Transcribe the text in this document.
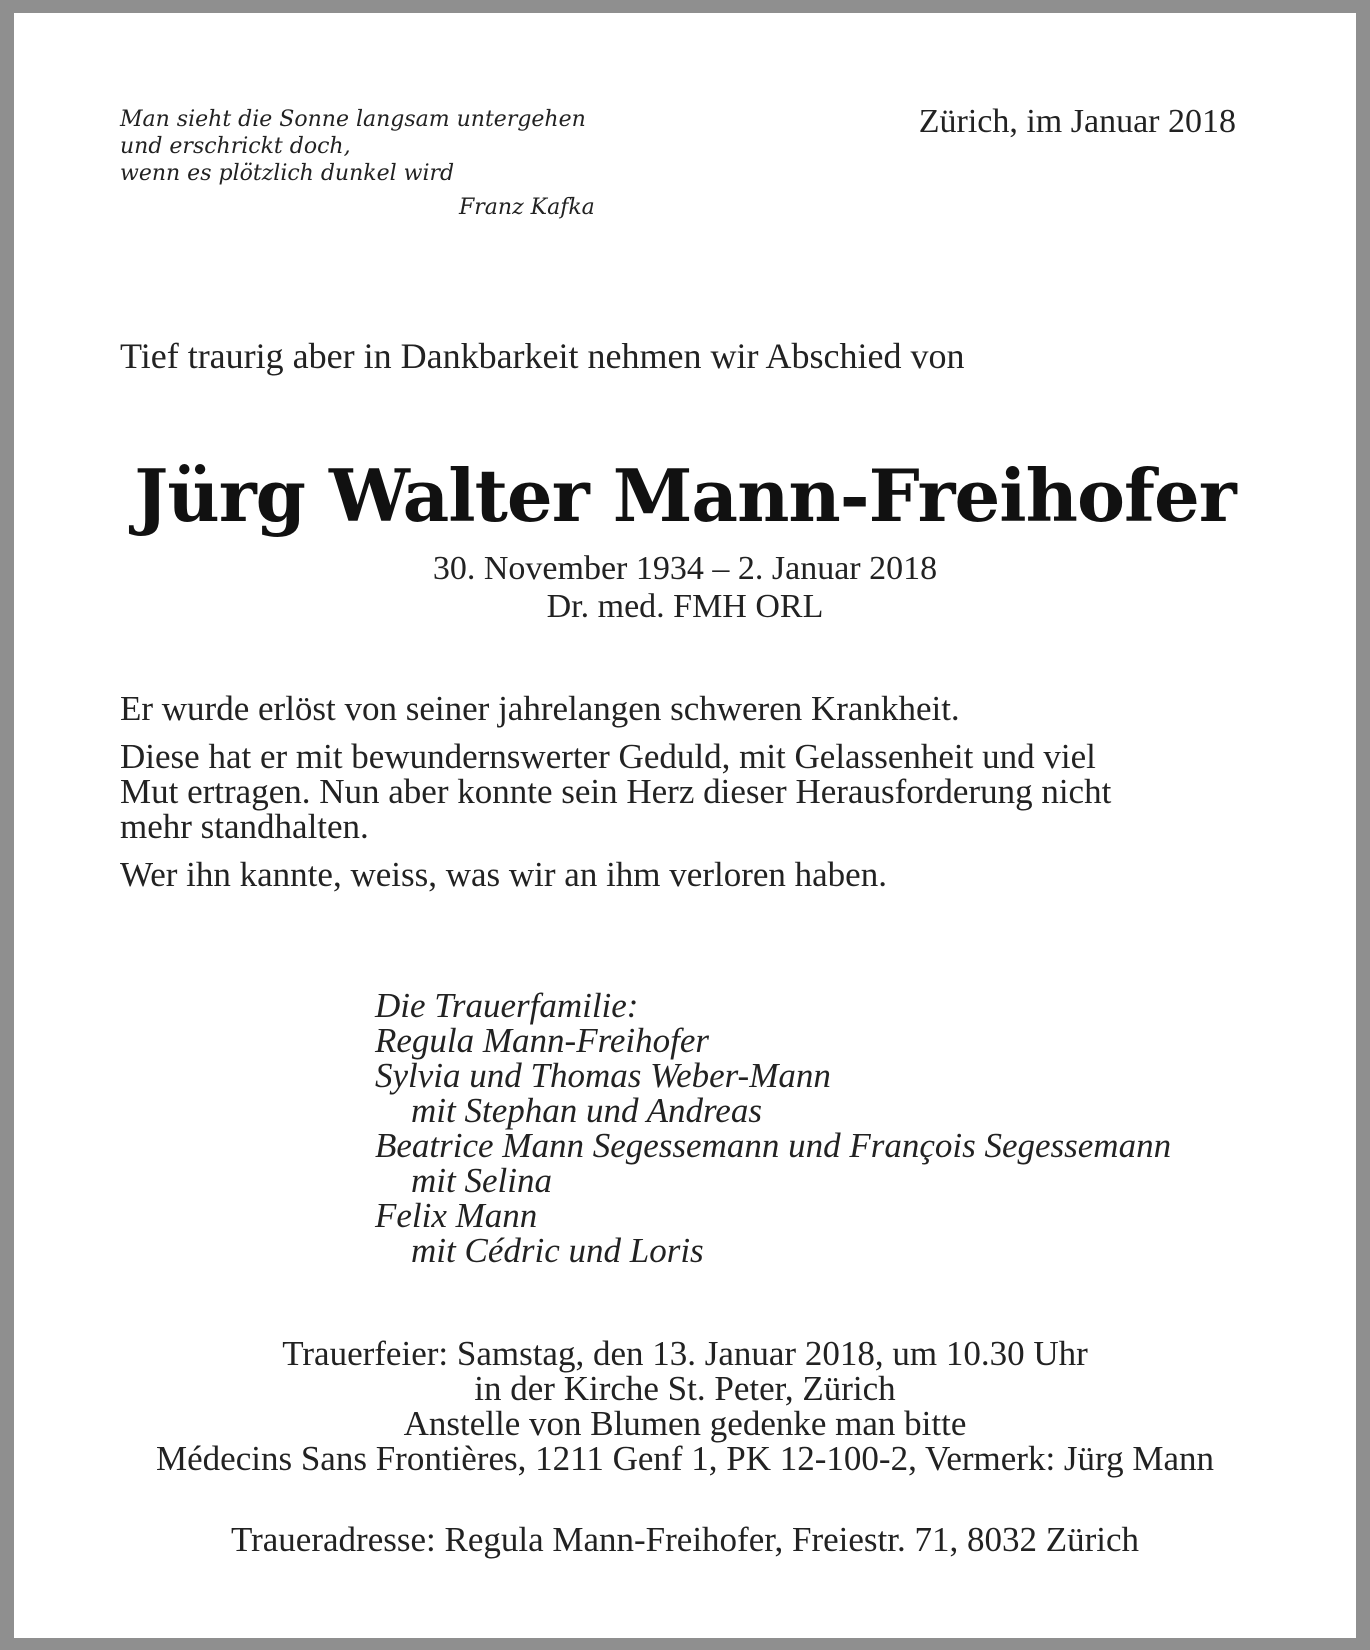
Man sieht die Sonne langsam untergehen
und erschrickt doch,
wenn es plötzlich dunkel wird
Franz Kafka
Zürich, im Januar 2018
Tief traurig aber in Dankbarkeit nehmen wir Abschied von
Jürg Walter Mann-Freihofer
30. November 1934 – 2. Januar 2018
Dr. med. FMH ORL

Er wurde erlöst von seiner jahrelangen schweren Krankheit.

Diese hat er mit bewundernswerter Geduld, mit Gelassenheit und viel
Mut ertragen. Nun aber konnte sein Herz dieser Herausforderung nicht
mehr standhalten.

Wer ihn kannte, weiss, was wir an ihm verloren haben.

Die Trauerfamilie:
Regula Mann-Freihofer
Sylvia und Thomas Weber-Mann
mit Stephan und Andreas
Beatrice Mann Segessemann und François Segessemann
mit Selina
Felix Mann
mit Cédric und Loris
Trauerfeier: Samstag, den 13. Januar 2018, um 10.30 Uhr
in der Kirche St. Peter, Zürich
Anstelle von Blumen gedenke man bitte
Médecins Sans Frontières, 1211 Genf 1, PK 12-100-2, Vermerk: Jürg Mann
Traueradresse: Regula Mann-Freihofer, Freiestr. 71, 8032 Zürich
